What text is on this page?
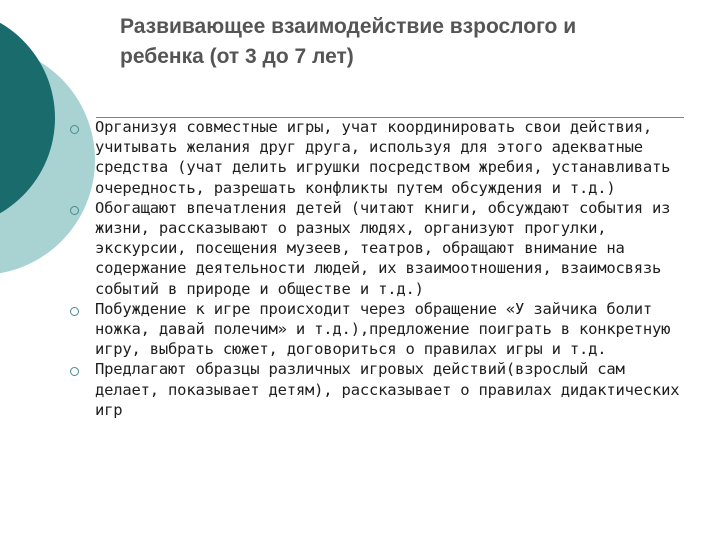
Развивающее взаимодействие взрослого и
ребенка (от 3 до 7 лет)
Организуя совместные игры, учат координировать свои действия, учитывать желания друг друга, используя для этого адекватные средства (учат делить игрушки посредством жребия, устанавливать очередность, разрешать конфликты путем обсуждения и т.д.)
Обогащают впечатления детей (читают книги, обсуждают события из жизни, рассказывают о разных людях, организуют прогулки, экскурсии, посещения музеев, театров, обращают внимание на содержание деятельности людей, их взаимоотношения, взаимосвязь событий в природе и обществе и т.д.)
Побуждение к игре происходит через обращение «У зайчика болит ножка, давай полечим» и т.д.),предложение поиграть в конкретную игру, выбрать сюжет, договориться о правилах игры и т.д.
Предлагают образцы различных игровых действий(взрослый сам делает, показывает детям), рассказывает о правилах дидактических игр
